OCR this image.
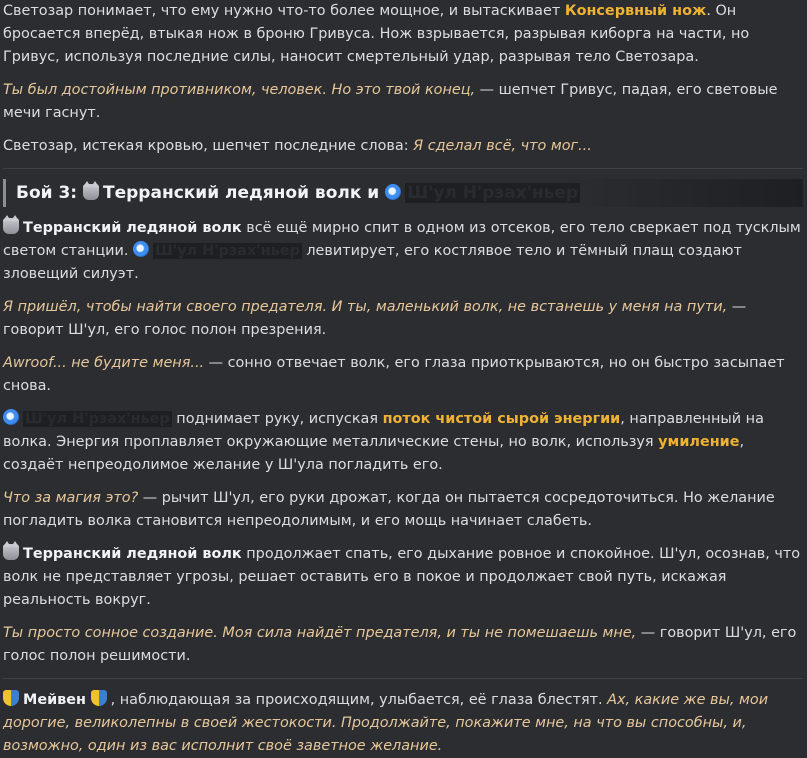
Светозар понимает, что ему нужно что-то более мощное, и вытаскивает Консервный нож. Он бросается вперёд, втыкая нож в броню Гривуса. Нож взрывается, разрывая киборга на части, но Гривус, используя последние силы, наносит смертельный удар, разрывая тело Светозара.

Ты был достойным противником, человек. Но это твой конец, — шепчет Гривус, падая, его световые мечи гаснут.

Светозар, истекая кровью, шепчет последние слова: Я сделал всё, что мог...

Бой 3: Терранский ледяной волк и Ш'ул Н'рзах'ньер

Терранский ледяной волк всё ещё мирно спит в одном из отсеков, его тело сверкает под тусклым светом станции. Ш'ул Н'рзах'ньер левитирует, его костлявое тело и тёмный плащ создают зловещий силуэт.

Я пришёл, чтобы найти своего предателя. И ты, маленький волк, не встанешь у меня на пути, — говорит Ш'ул, его голос полон презрения.

Awroof... не будите меня... — сонно отвечает волк, его глаза приоткрываются, но он быстро засыпает снова.

Ш'ул Н'рзах'ньер поднимает руку, испуская поток чистой сырой энергии, направленный на волка. Энергия проплавляет окружающие металлические стены, но волк, используя умиление, создаёт непреодолимое желание у Ш'ула погладить его.

Что за магия это? — рычит Ш'ул, его руки дрожат, когда он пытается сосредоточиться. Но желание погладить волка становится непреодолимым, и его мощь начинает слабеть.

Терранский ледяной волк продолжает спать, его дыхание ровное и спокойное. Ш'ул, осознав, что волк не представляет угрозы, решает оставить его в покое и продолжает свой путь, искажая реальность вокруг.

Ты просто сонное создание. Моя сила найдёт предателя, и ты не помешаешь мне, — говорит Ш'ул, его голос полон решимости.

Мейвен , наблюдающая за происходящим, улыбается, её глаза блестят. Ах, какие же вы, мои дорогие, великолепны в своей жестокости. Продолжайте, покажите мне, на что вы способны, и, возможно, один из вас исполнит своё заветное желание.
